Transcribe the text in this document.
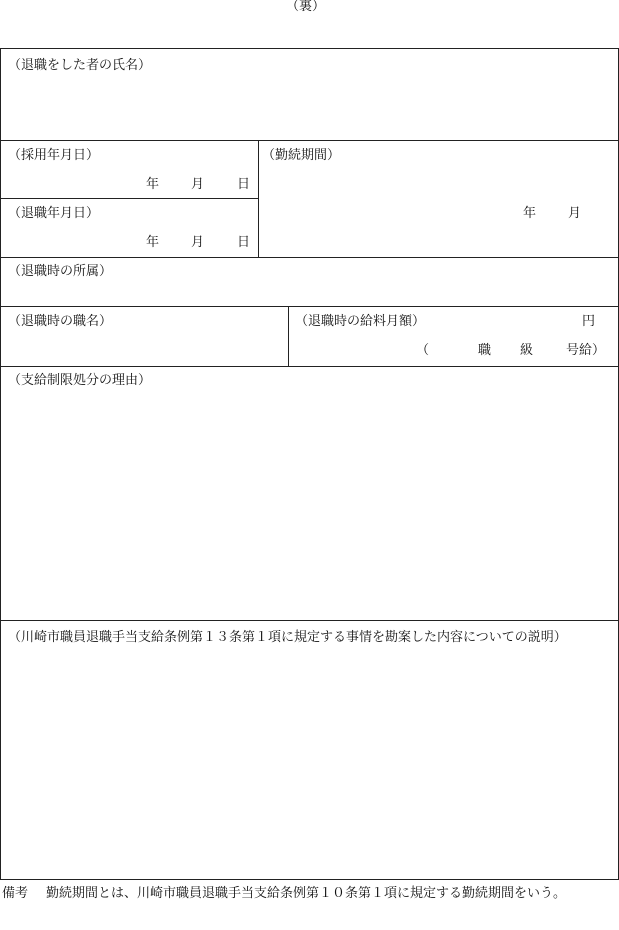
（裏）
（退職をした者の氏名）
（採用年月日）
年 月	日
（退職年月日）
年 月	日
（勤続期間）
年 月
（退職時の所属）
（退職時の職名）	（退職時の給料月額）	円
（	職 級	号給）
（支給制限処分の理由）
（川崎市職員退職手当支給条例第１３条第１項に規定する事情を勘案した内容についての説明）
備考	勤続期間とは、川崎市職員退職手当支給条例第１０条第１項に規定する勤続期間をいう。
